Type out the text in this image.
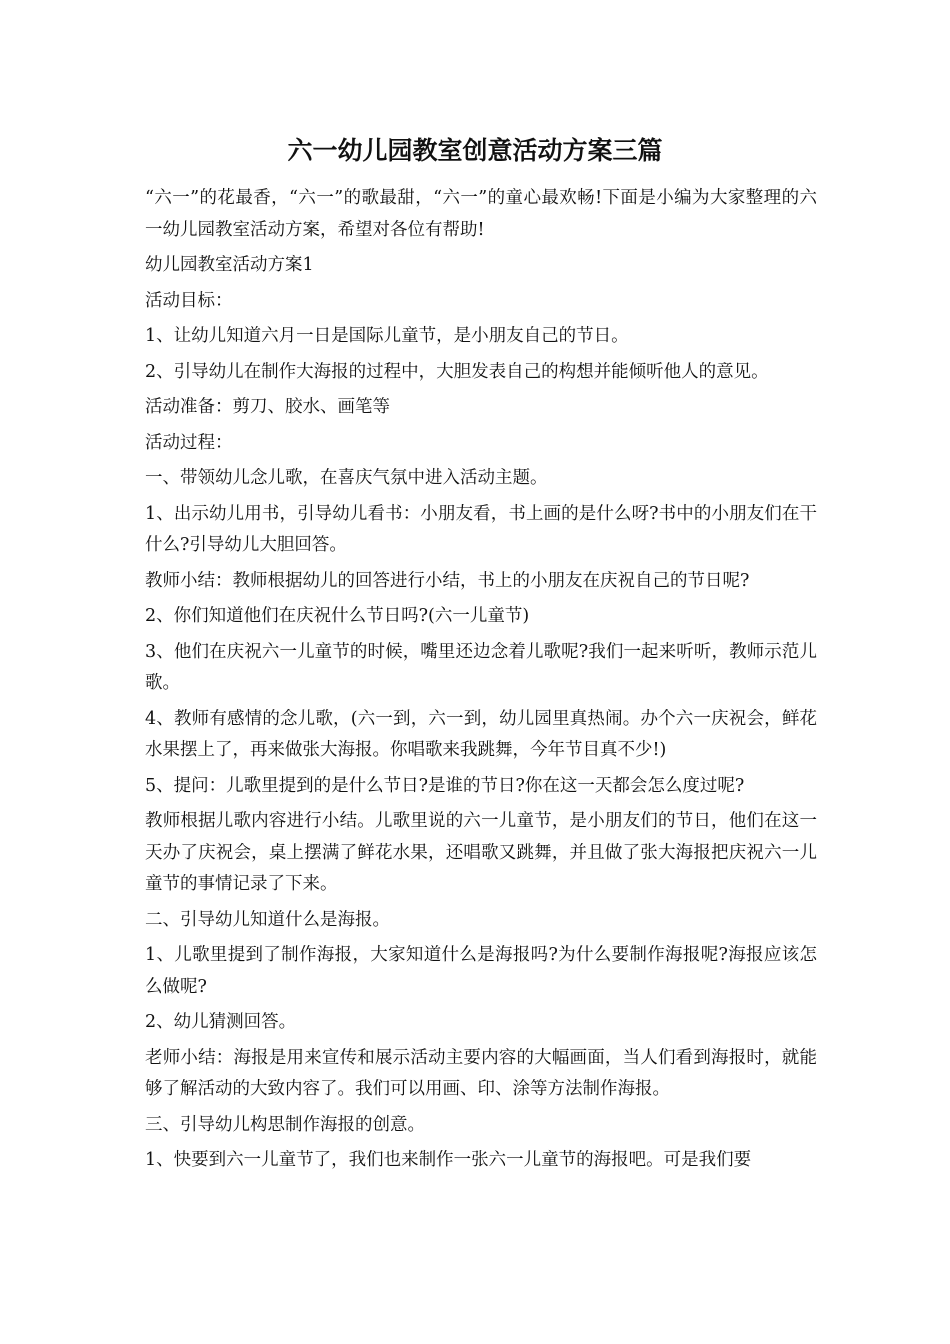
六一幼儿园教室创意活动方案三篇

“六一”的花最香，“六一”的歌最甜，“六一”的童心最欢畅!下面是小编为大家整理的六一幼儿园教室活动方案，希望对各位有帮助!

幼儿园教室活动方案1

活动目标：

1、让幼儿知道六月一日是国际儿童节，是小朋友自己的节日。

2、引导幼儿在制作大海报的过程中，大胆发表自己的构想并能倾听他人的意见。

活动准备：剪刀、胶水、画笔等

活动过程：

一、带领幼儿念儿歌，在喜庆气氛中进入活动主题。

1、出示幼儿用书，引导幼儿看书：小朋友看，书上画的是什么呀?书中的小朋友们在干什么?引导幼儿大胆回答。

教师小结：教师根据幼儿的回答进行小结，书上的小朋友在庆祝自己的节日呢?

2、你们知道他们在庆祝什么节日吗?(六一儿童节)

3、他们在庆祝六一儿童节的时候，嘴里还边念着儿歌呢?我们一起来听听，教师示范儿歌。

4、教师有感情的念儿歌，(六一到，六一到，幼儿园里真热闹。办个六一庆祝会，鲜花水果摆上了，再来做张大海报。你唱歌来我跳舞，今年节目真不少!)

5、提问：儿歌里提到的是什么节日?是谁的节日?你在这一天都会怎么度过呢?

教师根据儿歌内容进行小结。儿歌里说的六一儿童节，是小朋友们的节日，他们在这一天办了庆祝会，桌上摆满了鲜花水果，还唱歌又跳舞，并且做了张大海报把庆祝六一儿童节的事情记录了下来。

二、引导幼儿知道什么是海报。

1、儿歌里提到了制作海报，大家知道什么是海报吗?为什么要制作海报呢?海报应该怎么做呢?

2、幼儿猜测回答。

老师小结：海报是用来宣传和展示活动主要内容的大幅画面，当人们看到海报时，就能够了解活动的大致内容了。我们可以用画、印、涂等方法制作海报。

三、引导幼儿构思制作海报的创意。

1、快要到六一儿童节了，我们也来制作一张六一儿童节的海报吧。可是我们要
